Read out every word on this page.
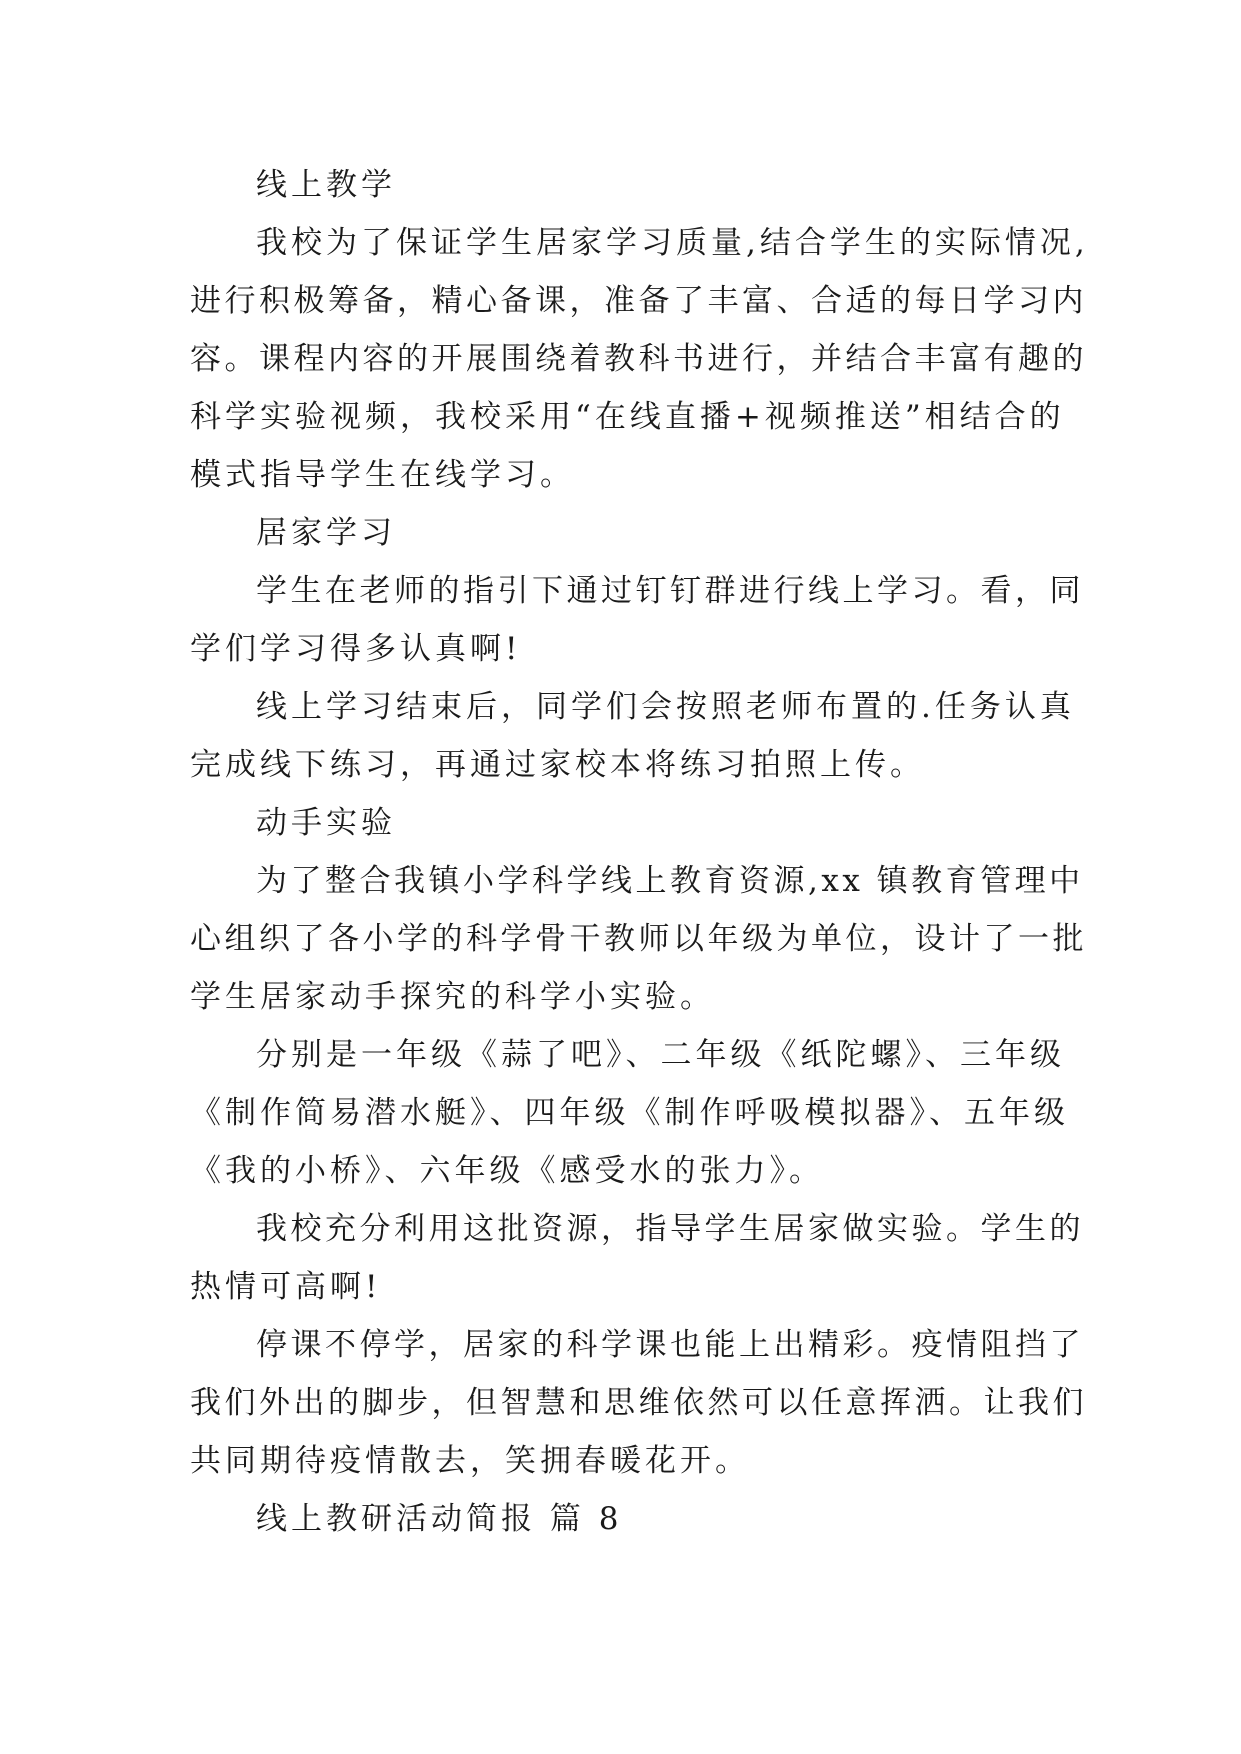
线上教学
我校为了保证学生居家学习质量,结合学生的实际情况,
进行积极筹备，精心备课，准备了丰富、合适的每日学习内
容。课程内容的开展围绕着教科书进行，并结合丰富有趣的
科学实验视频，我校采用“在线直播+视频推送”相结合的
模式指导学生在线学习。
居家学习
学生在老师的指引下通过钉钉群进行线上学习。看，同
学们学习得多认真啊!
线上学习结束后，同学们会按照老师布置的.任务认真
完成线下练习，再通过家校本将练习拍照上传。
动手实验
为了整合我镇小学科学线上教育资源,xx 镇教育管理中
心组织了各小学的科学骨干教师以年级为单位，设计了一批
学生居家动手探究的科学小实验。
分别是一年级《蒜了吧》、二年级《纸陀螺》、三年级
《制作简易潜水艇》、四年级《制作呼吸模拟器》、五年级
《我的小桥》、六年级《感受水的张力》。
我校充分利用这批资源，指导学生居家做实验。学生的
热情可高啊!
停课不停学，居家的科学课也能上出精彩。疫情阻挡了
我们外出的脚步，但智慧和思维依然可以任意挥洒。让我们
共同期待疫情散去，笑拥春暖花开。
线上教研活动简报 篇 8
